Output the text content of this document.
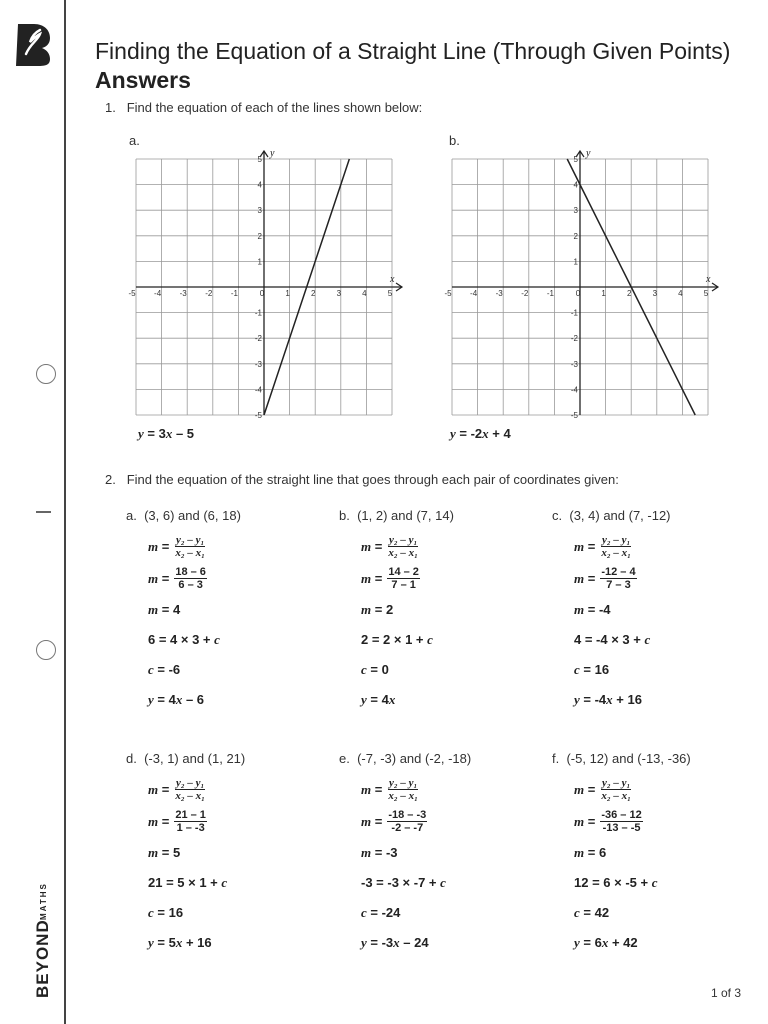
BEYOND
MATHS
Finding the Equation of a Straight Line (Through Given Points) Answers
1. Find the equation of each of the lines shown below:
a.	b.
x
y
-5 -4 -3 -2 -1	0	1	2	3	4	5
5
4
3
2
1
-1
-2
-3
-4
-5
x
y
-5 -4 -3 -2 -1	0	1	2	3	4	5
5
4
3
2
1
-1
-2
-3
-4
-5
y = 3x – 5	y = -2x + 4
2. Find the equation of the straight line that goes through each pair of coordinates given:
a. (3, 6) and (6, 18)
$m = \frac{\text{y₂ – y₁}}{\text{x₂ – x₁}}$
$m = \frac{18 - 6}{6 - 3}$
m = 4
6 = 4 × 3 + c
c = -6
y = 4x – 6
b. (1, 2) and (7, 14)
$m = \frac{\text{y₂ – y₁}}{\text{x₂ – x₁}}$
$m = \frac{14 - 2}{7 - 1}$
m = 2
2 = 2 × 1 + c
c = 0
y = 4x
c. (3, 4) and (7, -12)
$m = \frac{\text{y₂ – y₁}}{\text{x₂ – x₁}}$
$m = \frac{-12 - 4}{7 - 3}$
m = -4
4 = -4 × 3 + c
c = 16
y = -4x + 16
d. (-3, 1) and (1, 21)
$m = \frac{\text{y₂ – y₁}}{\text{x₂ – x₁}}$
$m = \frac{21 - 1}{1 - -3}$
m = 5
21 = 5 × 1 + c
c = 16
y = 5x + 16
e. (-7, -3) and (-2, -18)
$m = \frac{\text{y₂ – y₁}}{\text{x₂ – x₁}}$
$m = \frac{-18 - -3}{-2 - -7}$
m = -3
-3 = -3 × -7 + c
c = -24
y = -3x – 24
f. (-5, 12) and (-13, -36)
$m = \frac{\text{y₂ – y₁}}{\text{x₂ – x₁}}$
$m = \frac{-36 - 12}{-13 - -5}$
m = 6
12 = 6 × -5 + c
c = 42
y = 6x + 42
1 of 3
